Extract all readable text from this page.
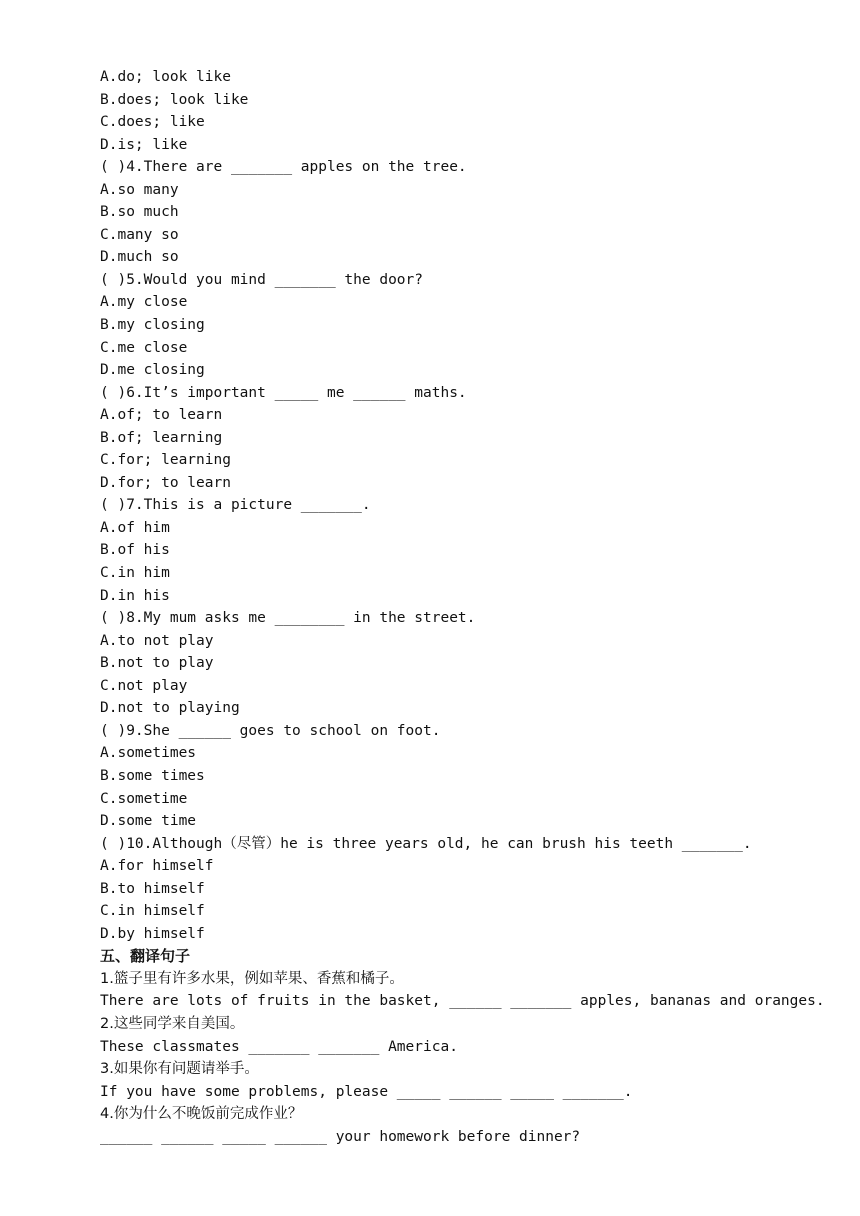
A.do; look like
B.does; look like
C.does; like
D.is; like
( )4.There are _______ apples on the tree.
A.so many
B.so much
C.many so
D.much so
( )5.Would you mind _______ the door?
A.my close
B.my closing
C.me close
D.me closing
( )6.It’s important _____ me ______ maths.
A.of; to learn
B.of; learning
C.for; learning
D.for; to learn
( )7.This is a picture _______.
A.of him
B.of his
C.in him
D.in his
( )8.My mum asks me ________ in the street.
A.to not play
B.not to play
C.not play
D.not to playing
( )9.She ______ goes to school on foot.
A.sometimes
B.some times
C.sometime
D.some time
( )10.Although（尽管）he is three years old, he can brush his teeth _______.
A.for himself
B.to himself
C.in himself
D.by himself
五、翻译句子
1.篮子里有许多水果，例如苹果、香蕉和橘子。
There are lots of fruits in the basket, ______ _______ apples, bananas and oranges.
2.这些同学来自美国。
These classmates _______ _______ America.
3.如果你有问题请举手。
If you have some problems, please _____ ______ _____ _______.
4.你为什么不晚饭前完成作业？
______ ______ _____ ______ your homework before dinner?
